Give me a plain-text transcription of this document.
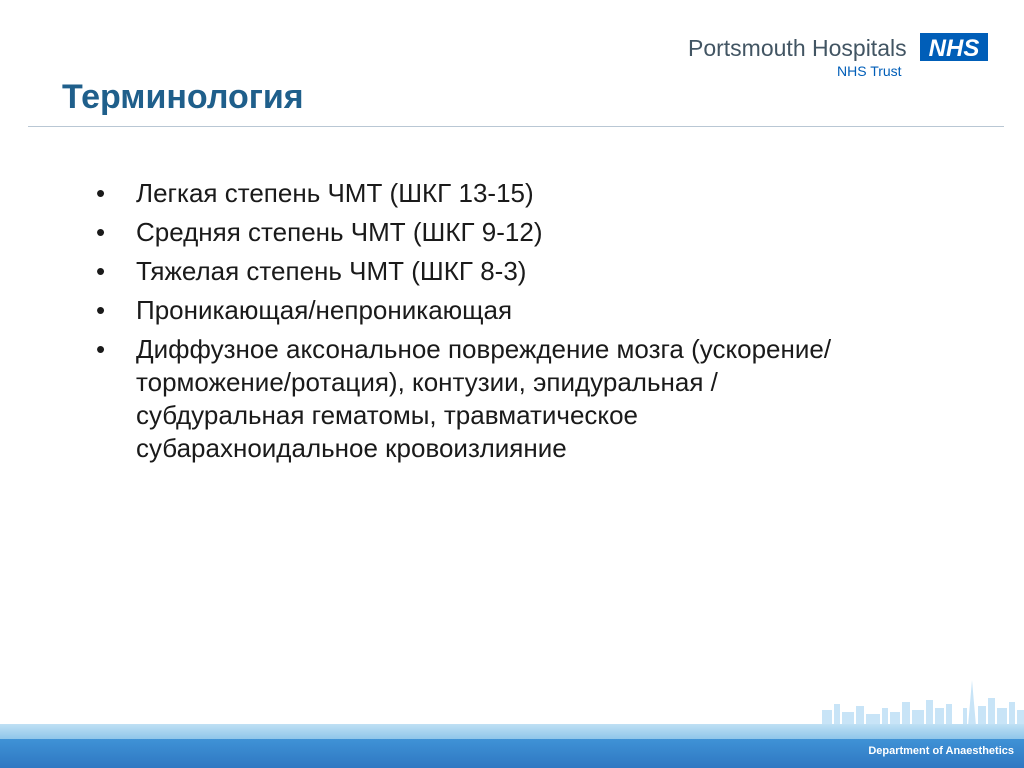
Терминология
Portsmouth Hospitals NHS
NHS Trust
• Легкая степень ЧМТ (ШКГ 13-15)
• Средняя степень ЧМТ (ШКГ 9-12)
• Тяжелая степень ЧМТ (ШКГ 8-3)
• Проникающая/непроникающая
• Диффузное аксональное повреждение мозга (ускорение/торможение/ротация), контузии, эпидуральная / субдуральная гематомы, травматическое субарахноидальное кровоизлияние
Department of Anaesthetics
